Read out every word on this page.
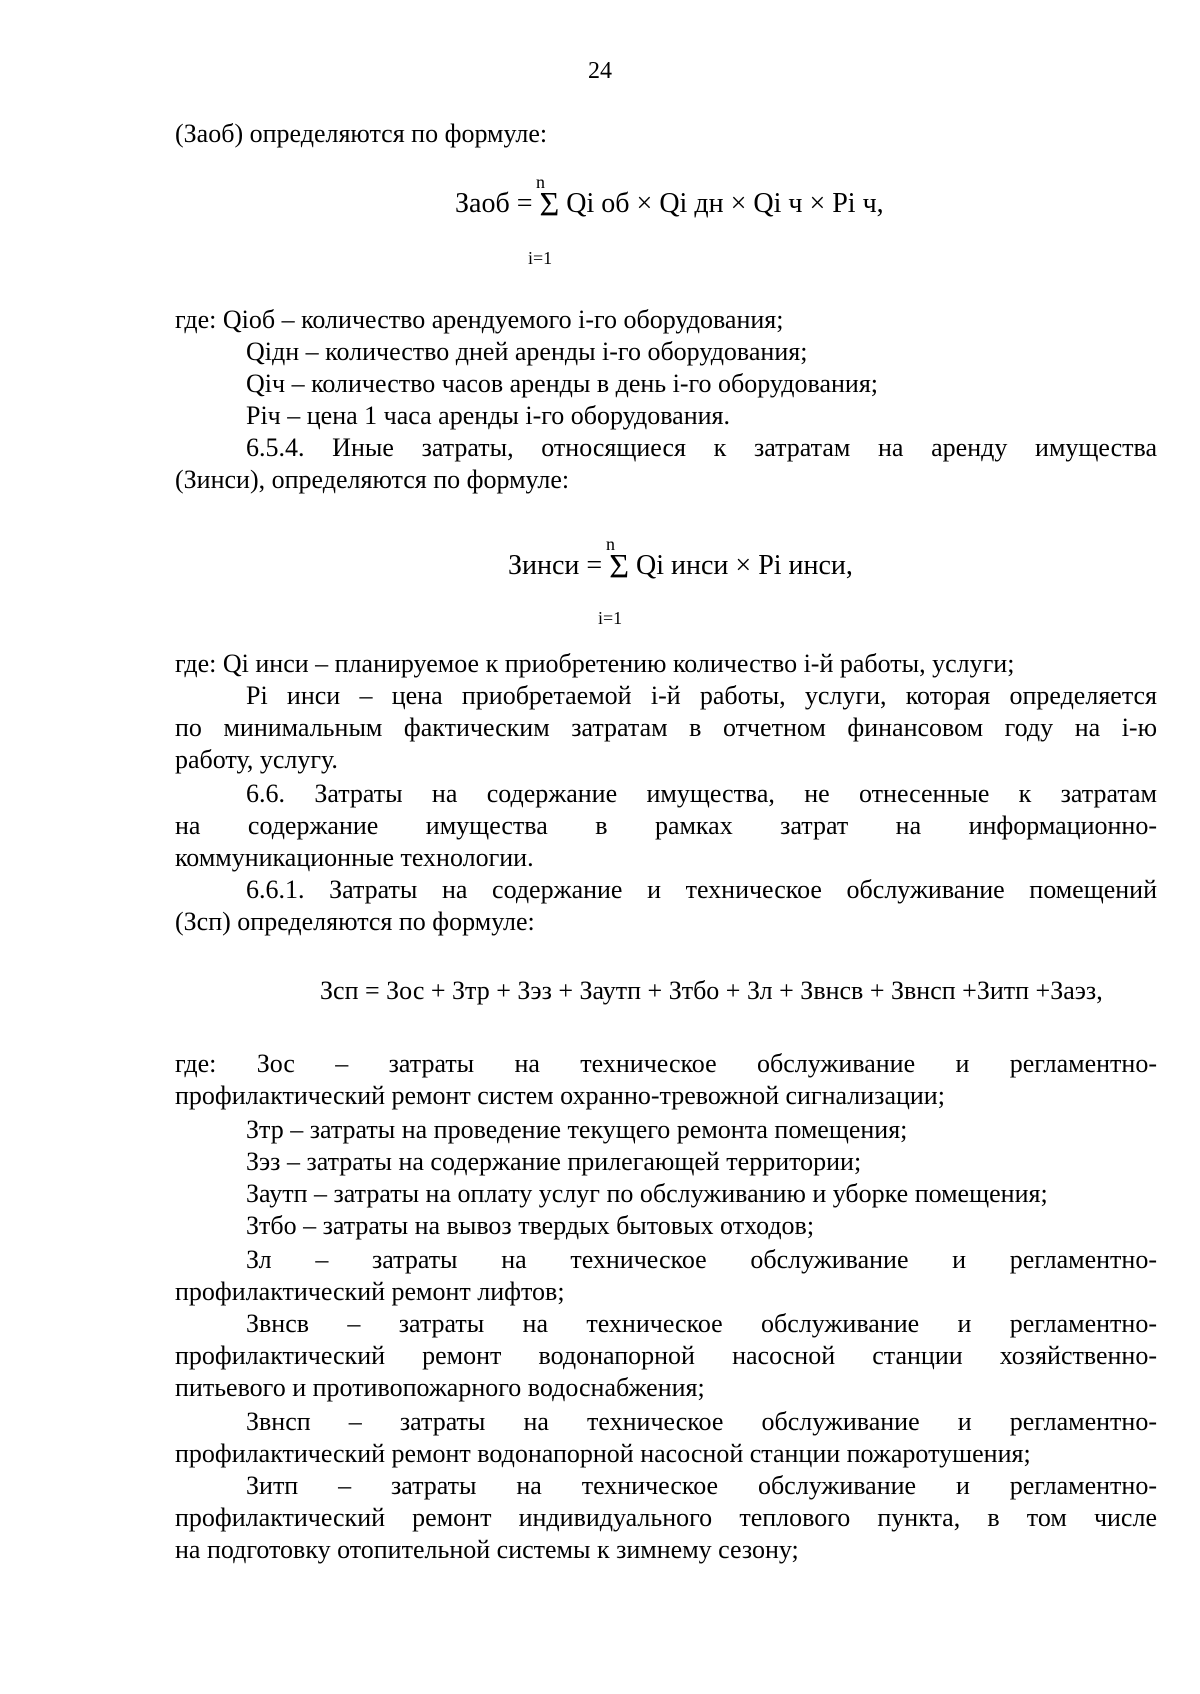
24
(Заоб) определяются по формуле:
Заоб = Σ Qi об × Qi дн × Qi ч × Pi ч,
n
i=1
где: Qiоб – количество арендуемого i-го оборудования;
Qiдн – количество дней аренды i-го оборудования;
Qiч – количество часов аренды в день i-го оборудования;
Piч – цена 1 часа аренды i-го оборудования.
6.5.4. Иные затраты, относящиеся к затратам на аренду имущества
(Зинси), определяются по формуле:
Зинси = Σ Qi инси × Pi инси,
n
i=1
где: Qi инси – планируемое к приобретению количество i-й работы, услуги;
Pi инси – цена приобретаемой i-й работы, услуги, которая определяется
по минимальным фактическим затратам в отчетном финансовом году на i-ю
работу, услугу.
6.6. Затраты на содержание имущества, не отнесенные к затратам
на содержание имущества в рамках затрат на информационно-
коммуникационные технологии.
6.6.1. Затраты на содержание и техническое обслуживание помещений
(Зсп) определяются по формуле:
Зсп = Зос + Зтр + Зэз + Заутп + Зтбо + Зл + Звнсв + Звнсп +Зитп +Заэз,
где: Зос – затраты на техническое обслуживание и регламентно-
профилактический ремонт систем охранно-тревожной сигнализации;
Зтр – затраты на проведение текущего ремонта помещения;
Зэз – затраты на содержание прилегающей территории;
Заутп – затраты на оплату услуг по обслуживанию и уборке помещения;
Зтбо – затраты на вывоз твердых бытовых отходов;
Зл – затраты на техническое обслуживание и регламентно-
профилактический ремонт лифтов;
Звнсв – затраты на техническое обслуживание и регламентно-
профилактический ремонт водонапорной насосной станции хозяйственно-
питьевого и противопожарного водоснабжения;
Звнсп – затраты на техническое обслуживание и регламентно-
профилактический ремонт водонапорной насосной станции пожаротушения;
Зитп – затраты на техническое обслуживание и регламентно-
профилактический ремонт индивидуального теплового пункта, в том числе
на подготовку отопительной системы к зимнему сезону;
